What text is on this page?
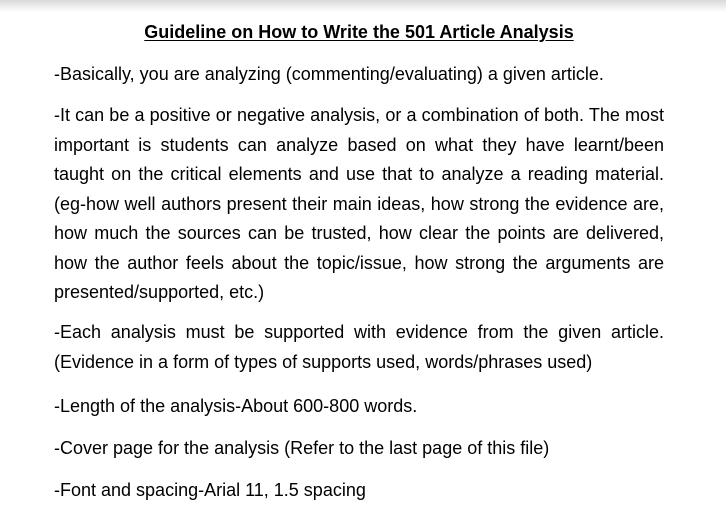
Guideline on How to Write the 501 Article Analysis

-Basically, you are analyzing (commenting/evaluating) a given article.

-It can be a positive or negative analysis, or a combination of both. The most important is students can analyze based on what they have learnt/been taught on the critical elements and use that to analyze a reading material. (eg-how well authors present their main ideas, how strong the evidence are, how much the sources can be trusted, how clear the points are delivered, how the author feels about the topic/issue, how strong the arguments are presented/supported, etc.)

-Each analysis must be supported with evidence from the given article. (Evidence in a form of types of supports used, words/phrases used)

-Length of the analysis-About 600-800 words.

-Cover page for the analysis (Refer to the last page of this file)

-Font and spacing-Arial 11, 1.5 spacing
